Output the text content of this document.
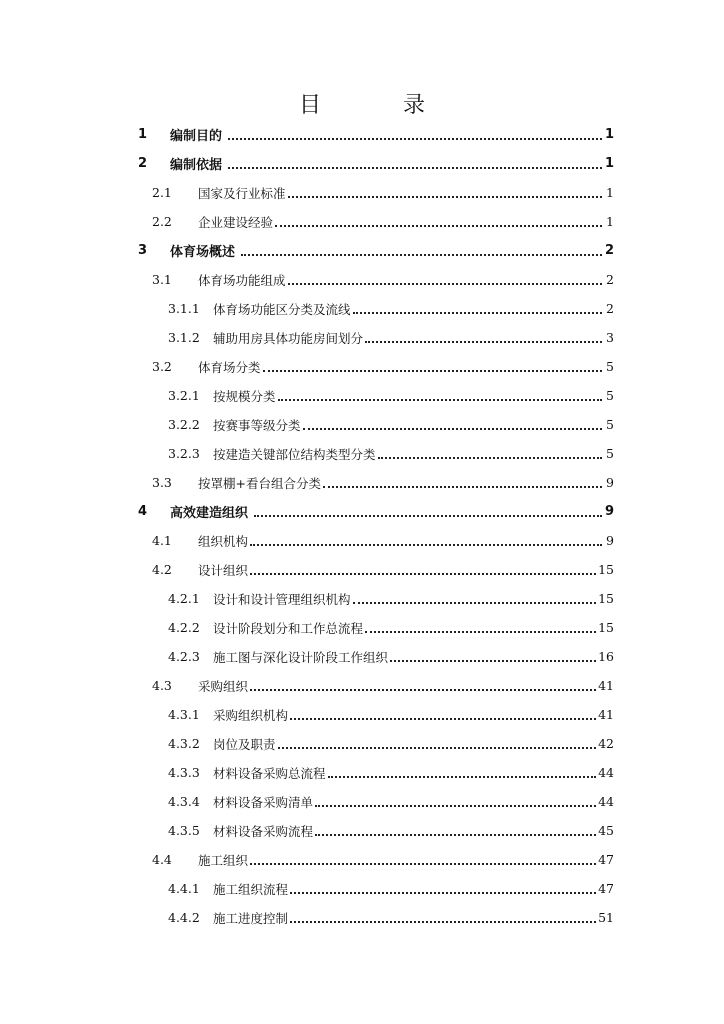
目　录
1	编制目的	1
2	编制依据	1
2.1	国家及行业标准	1
2.2	企业建设经验	1
3	体育场概述	2
3.1	体育场功能组成	2
3.1.1	体育场功能区分类及流线	2
3.1.2	辅助用房具体功能房间划分	3
3.2	体育场分类	5
3.2.1	按规模分类	5
3.2.2	按赛事等级分类	5
3.2.3	按建造关键部位结构类型分类	5
3.3	按罩棚+看台组合分类	9
4	高效建造组织	9
4.1	组织机构	9
4.2	设计组织	15
4.2.1	设计和设计管理组织机构	15
4.2.2	设计阶段划分和工作总流程	15
4.2.3	施工图与深化设计阶段工作组织	16
4.3	采购组织	41
4.3.1	采购组织机构	41
4.3.2	岗位及职责	42
4.3.3	材料设备采购总流程	44
4.3.4	材料设备采购清单	44
4.3.5	材料设备采购流程	45
4.4	施工组织	47
4.4.1	施工组织流程	47
4.4.2	施工进度控制	51
